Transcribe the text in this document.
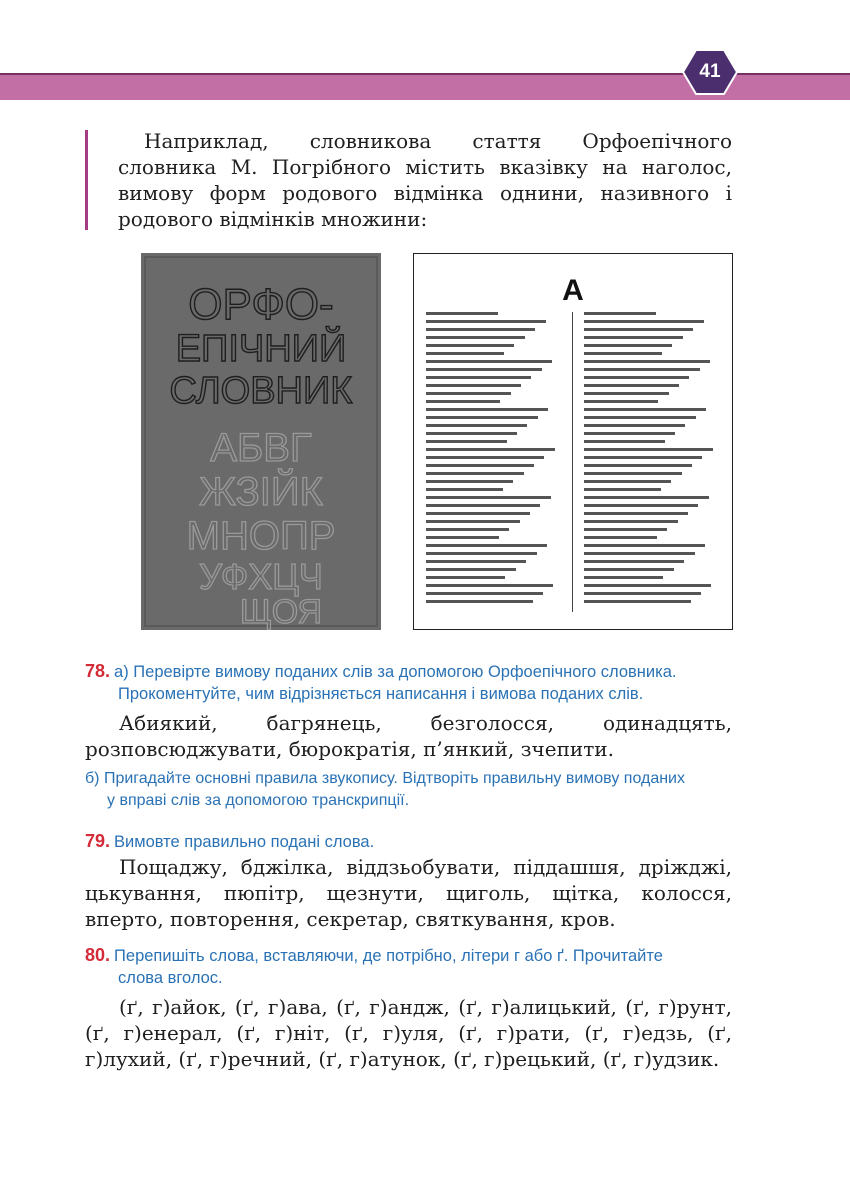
41

Наприклад, словникова стаття Орфоепічного словника М. Погрібного містить вказівку на наголос, вимову форм родового відмінка однини, називного і родового відмінків множини:

ОРФО-
ЕПІЧНИЙ
СЛОВНИК
АБВГ
ЖЗІЙК
МНОПР
УФХЦЧ
ЩОЯ
А
78. а) Перевірте вимову поданих слів за допомогою Орфоепічного словника.
Прокоментуйте, чим відрізняється написання і вимова поданих слів.

Абиякий, багрянець, безголосся, одинадцять, розповсюджувати, бюрократія, п’янкий, зчепити.

б) Пригадайте основні правила звукопису. Відтворіть правильну вимову поданих
у вправі слів за допомогою транскрипції.
79. Вимовте правильно подані слова.

Пощаджу, бджілка, віддзьобувати, піддашшя, дріжджі, цькування, пюпітр, щезнути, щиголь, щітка, колосся, вперто, повторення, секретар, святкування, кров.

80. Перепишіть слова, вставляючи, де потрібно, літери г або ґ. Прочитайте
слова вголос.

(ґ, г)айок, (ґ, г)ава, (ґ, г)андж, (ґ, г)алицький, (ґ, г)рунт, (ґ, г)енерал, (ґ, г)ніт, (ґ, г)уля, (ґ, г)рати, (ґ, г)едзь, (ґ, г)лухий, (ґ, г)речний, (ґ, г)атунок, (ґ, г)рецький, (ґ, г)удзик.
